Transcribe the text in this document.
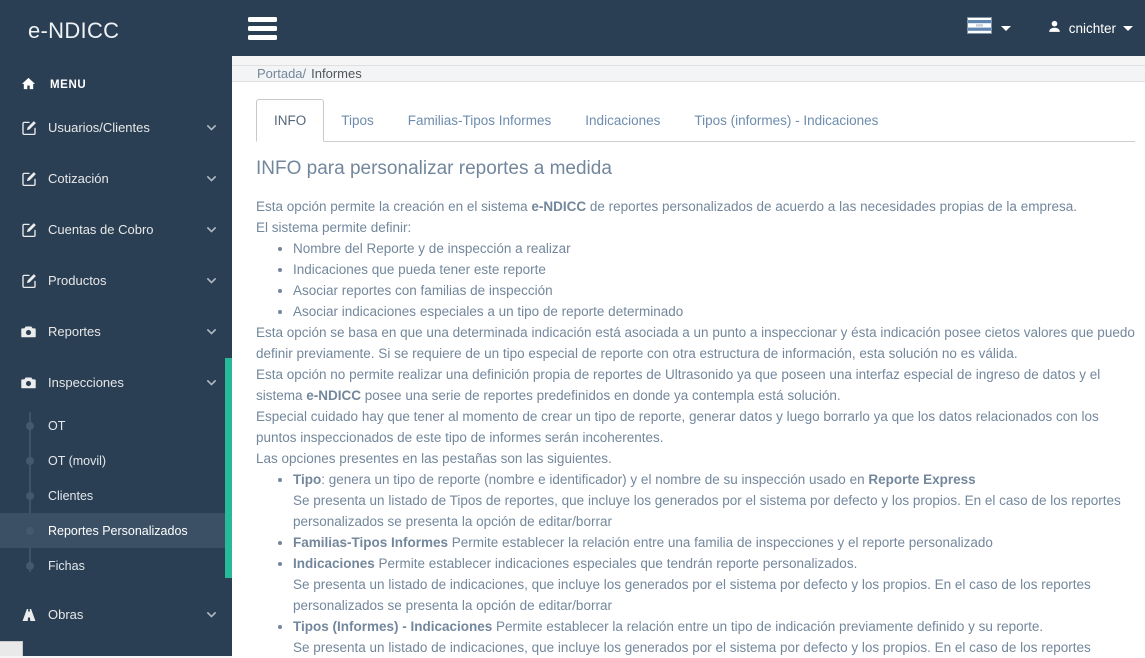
e-NDICC
MENU
Usuarios/Clientes
Cotización
Cuentas de Cobro
Productos
Reportes
Inspecciones
OT
OT (movil)
Clientes
Reportes Personalizados
Fichas
Obras
cnichter
Portada/ Informes
INFO	Tipos	Familias-Tipos Informes	Indicaciones	Tipos (informes) - Indicaciones
INFO para personalizar reportes a medida
Esta opción permite la creación en el sistema e-NDICC de reportes personalizados de acuerdo a las necesidades propias de la empresa.
El sistema permite definir:
• Nombre del Reporte y de inspección a realizar
• Indicaciones que pueda tener este reporte
• Asociar reportes con familias de inspección
• Asociar indicaciones especiales a un tipo de reporte determinado
Esta opción se basa en que una determinada indicación está asociada a un punto a inspeccionar y ésta indicación posee cietos valores que puedo definir previamente. Si se requiere de un tipo especial de reporte con otra estructura de información, esta solución no es válida.
Esta opción no permite realizar una definición propia de reportes de Ultrasonido ya que poseen una interfaz especial de ingreso de datos y el sistema e-NDICC posee una serie de reportes predefinidos en donde ya contempla está solución.
Especial cuidado hay que tener al momento de crear un tipo de reporte, generar datos y luego borrarlo ya que los datos relacionados con los puntos inspeccionados de este tipo de informes serán incoherentes.
Las opciones presentes en las pestañas son las siguientes.
• Tipo: genera un tipo de reporte (nombre e identificador) y el nombre de su inspección usado en Reporte Express
Se presenta un listado de Tipos de reportes, que incluye los generados por el sistema por defecto y los propios. En el caso de los reportes personalizados se presenta la opción de editar/borrar
• Familias-Tipos Informes Permite establecer la relación entre una familia de inspecciones y el reporte personalizado
• Indicaciones Permite establecer indicaciones especiales que tendrán reporte personalizados.
Se presenta un listado de indicaciones, que incluye los generados por el sistema por defecto y los propios. En el caso de los reportes personalizados se presenta la opción de editar/borrar
• Tipos (Informes) - Indicaciones Permite establecer la relación entre un tipo de indicación previamente definido y su reporte.
Se presenta un listado de indicaciones, que incluye los generados por el sistema por defecto y los propios. En el caso de los reportes
